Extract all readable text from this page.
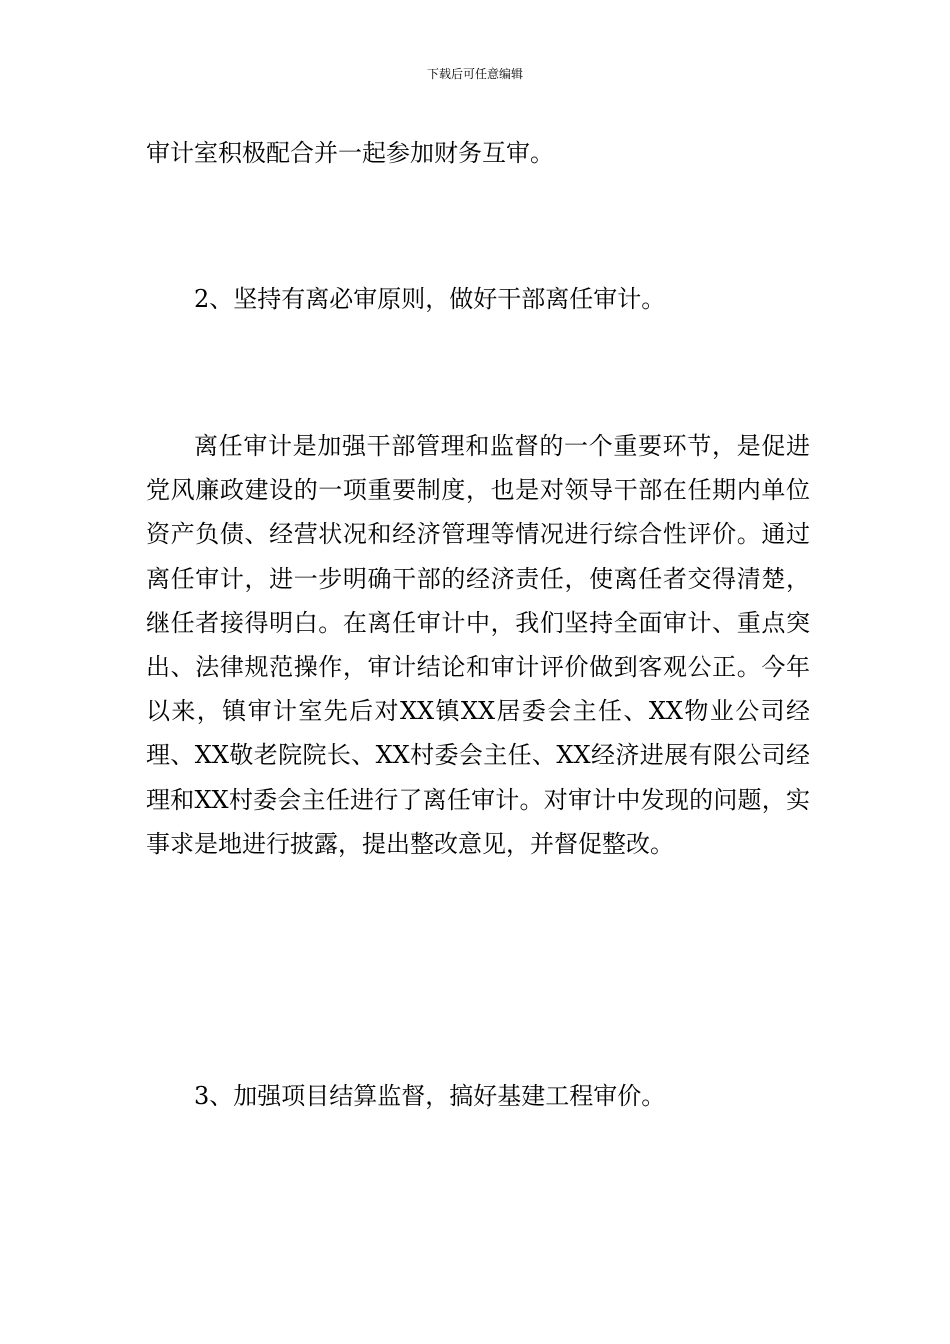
下载后可任意编辑
审计室积极配合并一起参加财务互审。
2、坚持有离必审原则，做好干部离任审计。
离任审计是加强干部管理和监督的一个重要环节，是促进党风廉政建设的一项重要制度，也是对领导干部在任期内单位资产负债、经营状况和经济管理等情况进行综合性评价。通过离任审计，进一步明确干部的经济责任，使离任者交得清楚，继任者接得明白。在离任审计中，我们坚持全面审计、重点突出、法律规范操作，审计结论和审计评价做到客观公正。今年以来，镇审计室先后对XX镇XX居委会主任、XX物业公司经理、XX敬老院院长、XX村委会主任、XX经济进展有限公司经理和XX村委会主任进行了离任审计。对审计中发现的问题，实事求是地进行披露，提出整改意见，并督促整改。
3、加强项目结算监督，搞好基建工程审价。
